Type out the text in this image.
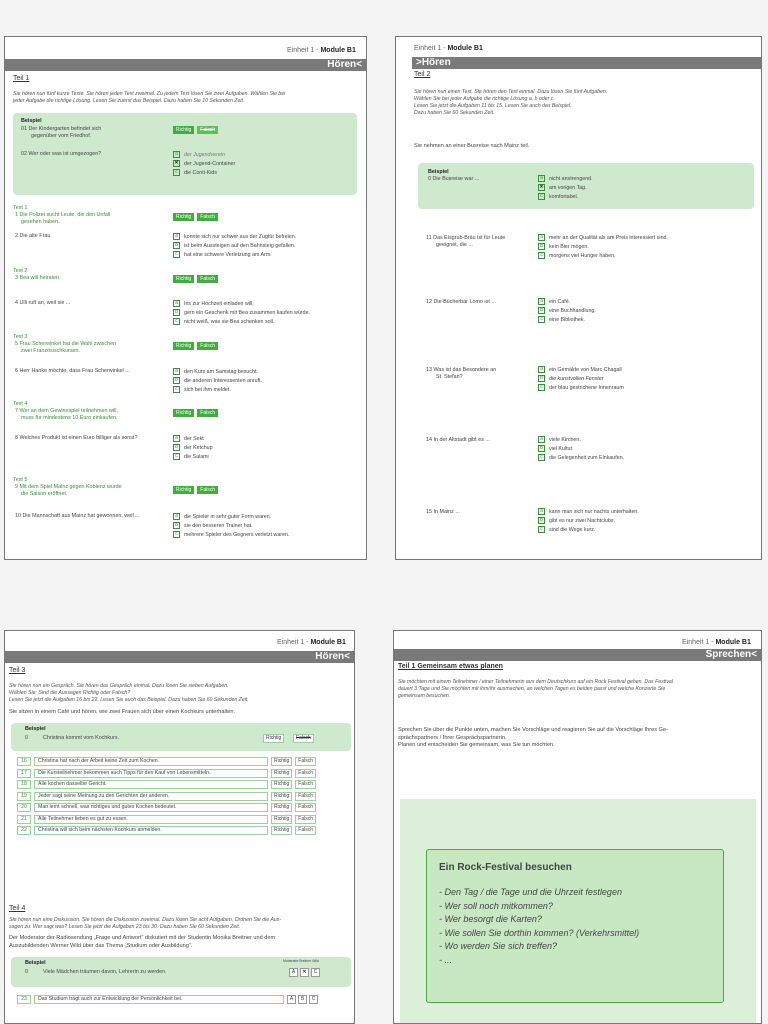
Einheit 1 - Module B1
Hören<
Teil 1
Sie hören nun fünf kurze Texte. Sie hören jeden Text zweimal. Zu jedem Text lösen Sie zwei Aufgaben. Wählen Sie bei
jeder Aufgabe die richtige Lösung. Lesen Sie zuerst das Beispiel. Dazu haben Sie 10 Sekunden Zeit.
Beispiel
01 Der Kindergarten befindet sich
gegenüber vom Friedhof.
Richtig	Falsch
02 Wer oder was ist umgezogen?	a	der Jugendverein
✕ der Jugend-Container
c	die Conti-Kids
Text 1
1 Die Polizei sucht Leute, die den Unfall
gesehen haben.
Richtig	Falsch
2 Die alte Frau	a	konnte sich nur schwer aus der Zugtür befreien.
b	ist beim Aussteigen auf den Bahnsteig gefallen.
c	hat eine schwere Verletzung am Arm.
Text 2
3 Bea will heiraten.	Richtig	Falsch
4 Ulli ruft an, weil sie ...	a	Iris zur Hochzeit einladen will.
b	gern ein Geschenk mit Bea zusammen kaufen würde.
c	nicht weiß, was sie Bea schenken soll.
Text 3
5 Frau Scherwinkel hat die Wahl zwischen
zwei Französischkursen.
Richtig	Falsch
6 Herr Hanke möchte, dass Frau Scherwinkel ...	a	den Kurs am Samstag besucht.
b	die anderen Interessenten anruft.
c	sich bei ihm meldet.
Text 4
7 Wer an dem Gewinnspiel teilnehmen will,
muss für mindestens 10 Euro einkaufen.
Richtig	Falsch
8 Welches Produkt ist einen Euro billiger als sonst?	a	der Sekt
b	der Ketchup
c	die Salami
Text 5
9 Mit dem Spiel Mainz gegen Koblenz wurde
die Saison eröffnet.
Richtig	Falsch
10 Die Mannschaft aus Mainz hat gewonnen, weil ...	a	die Spieler in sehr guter Form waren.
b	sie den besseren Trainer hat.
c	mehrere Spieler des Gegners verletzt waren.
Einheit 1 - Module B1
>Hören
Teil 2
Sie hören nun einen Text. Sie hören den Text einmal. Dazu lösen Sie fünf Aufgaben.
Wählen Sie bei jeder Aufgabe die richtige Lösung a, b oder c.
Lesen Sie jetzt die Aufgaben 11 bis 15. Lesen Sie auch das Beispiel.
Dazu haben Sie 60 Sekunden Zeit.
Sie nehmen an einer Busreise nach Mainz teil.
Beispiel
0 Die Busreise war ...	a	nicht anstrengend.
✕ am vorigen Tag.
c	komfortabel.
11 Das Eisgrub-Bräu ist für Leute
geeignet, die ...
a	mehr an der Qualität als am Preis interessiert sind.
b	kein Bier mögen.
c	morgens viel Hunger haben.
12 Die Bücherbar Lomo ist ...	a	ein Café.
b	eine Buchhandlung.
c	eine Bibliothek.
13 Was ist das Besondere an
St. Stefan?
a	ein Gemälde von Marc Chagall
b	die kunstvollen Fenster
c	der blau gestrichene Innenraum
14 In der Altstadt gibt es ...	a	viele Kirchen.
b	viel Kultur.
c	die Gelegenheit zum Einkaufen.
15 In Mainz ...	a	kann man sich nur nachts unterhalten.
b	gibt es nur zwei Nachtclubs.
c	sind die Wege kurz.
Einheit 1 - Module B1
Hören<
Teil 3
Sie hören nun ein Gespräch. Sie hören das Gespräch einmal. Dazu lösen Sie sieben Aufgaben.
Wählen Sie: Sind die Aussagen Richtig oder Falsch?
Lesen Sie jetzt die Aufgaben 16 bis 22. Lesen Sie auch das Beispiel. Dazu haben Sie 60 Sekunden Zeit.
Sie sitzen in einem Café und hören, wie zwei Frauen sich über einen Kochkurs unterhalten.
Beispiel
0	Christina kommt vom Kochkurs.	Richtig	Falsch
16	Christina hat nach der Arbeit keine Zeit zum Kochen.	Richtig	Falsch
17	Die Kursteilnehmer bekommen auch Tipps für den Kauf von Lebensmitteln.	Richtig	Falsch
18	Alle kochen dasselbe Gericht.	Richtig	Falsch
19	Jeder sagt seine Meinung zu den Gerichten der anderen.	Richtig	Falsch
20	Man lernt schnell, was richtiges und gutes Kochen bedeutet.	Richtig	Falsch
21	Alle Teilnehmer lieben es gut zu essen.	Richtig	Falsch
22	Christina will sich beim nächsten Kochkurs anmelden.	Richtig	Falsch
Teil 4
Sie hören nun eine Diskussion. Sie hören die Diskussion zweimal. Dazu lösen Sie acht Aufgaben. Ordnen Sie die Aus-
sagen zu: Wer sagt was? Lesen Sie jetzt die Aufgaben 23 bis 30. Dazu haben Sie 60 Sekunden Zeit.
Der Moderator der Radiosendung „Frage und Antwort“ diskutiert mit der Studentin Monika Breitner und dem
Auszubildenden Werner Wild über das Thema „Studium oder Ausbildung“.
Beispiel
0	Viele Mädchen träumen davon, Lehrerin zu werden.
Moderator Breitner Wild
A	✕	C
23	Das Studium trägt auch zur Entwicklung der Persönlichkeit bei.	A	B	C
Einheit 1 - Module B1
Sprechen<
Teil 1 Gemeinsam etwas planen
Sie möchten mit einem Teilnehmer / einer Teilnehmerin aus dem Deutschkurs auf ein Rock Festival gehen. Das Festival
dauert 3 Tage und Sie möchten mit ihm/ihr ausmachen, an welchen Tagen es beiden passt und welche Konzerte Sie
gemeinsam besuchen.
Sprechen Sie über die Punkte unten, machen Sie Vorschläge und reagieren Sie auf die Vorschläge Ihres Ge-
sprächspartners / Ihrer Gesprächspartnerin.
Planen und entscheiden Sie gemeinsam, was Sie tun möchten.
Ein Rock-Festival besuchen
- Den Tag / die Tage und die Uhrzeit festlegen
- Wer soll noch mitkommen?
- Wer besorgt die Karten?
- Wie sollen Sie dorthin kommen? (Verkehrsmittel)
- Wo werden Sie sich treffen?
- ...
